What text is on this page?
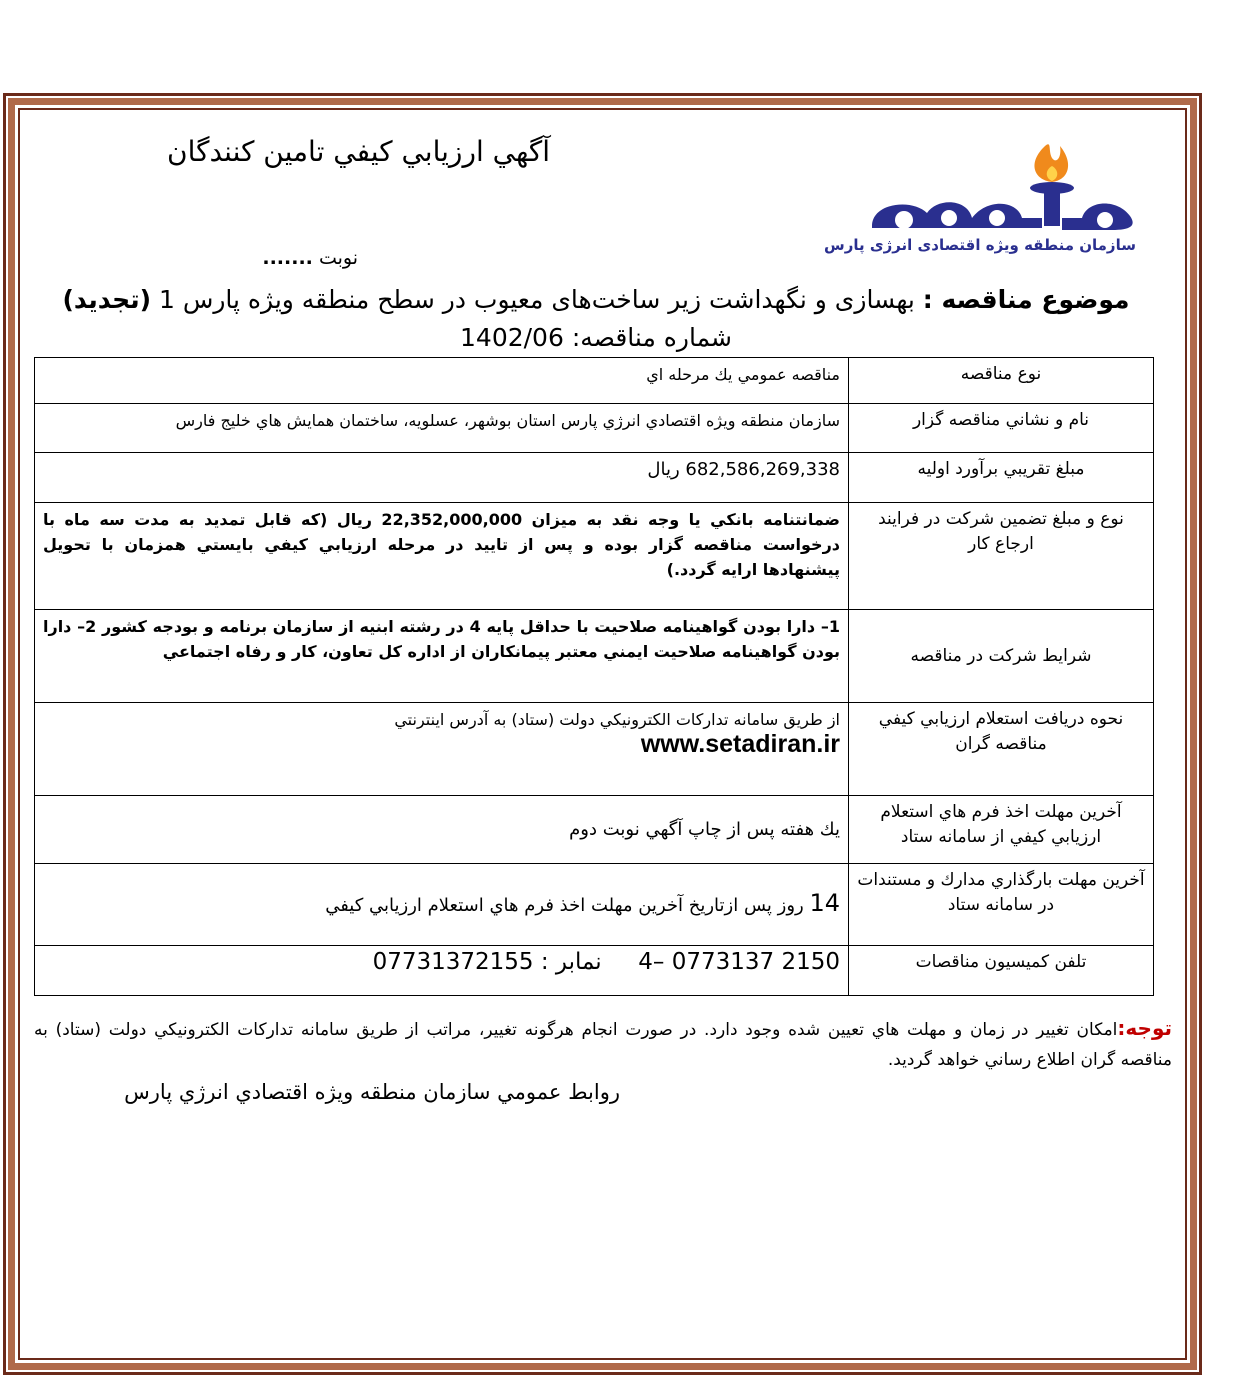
سازمان منطقه ویژه اقتصادی انرژی پارس
آگهي ارزيابي كيفي تامين كنندگان
نوبت .......
موضوع مناقصه : بهسازی و نگهداشت زیر ساخت‌های معیوب در سطح منطقه ویژه پارس 1 (تجدید) شماره مناقصه: 1402/06
نوع مناقصه	مناقصه عمومي يك مرحله اي
نام و نشاني مناقصه گزار	سازمان منطقه ويژه اقتصادي انرژي پارس استان بوشهر، عسلويه، ساختمان همايش هاي خليج فارس
مبلغ تقريبي برآورد اوليه	682,586,269,338 ريال
نوع و مبلغ تضمين شركت در فرايند ارجاع كار	ضمانتنامه بانكي يا وجه نقد به ميزان 22,352,000,000 ريال (كه قابل تمديد به مدت سه ماه با درخواست مناقصه گزار بوده و پس از تاييد در مرحله ارزيابي كيفي بايستي همزمان با تحويل پيشنهادها ارايه گردد.)
شرايط شركت در مناقصه	1– دارا بودن گواهينامه صلاحيت با حداقل پايه 4 در رشته ابنيه از سازمان برنامه و بودجه كشور 2– دارا بودن گواهينامه صلاحيت ايمني معتبر پيمانكاران از اداره كل تعاون، كار و رفاه اجتماعي
نحوه دريافت استعلام ارزيابي كيفي مناقصه گران	از طريق سامانه تداركات الكترونيكي دولت (ستاد) به آدرس اينترنتي
www.setadiran.ir

آخرين مهلت اخذ فرم هاي استعلام ارزيابي كيفي از سامانه ستاد	يك هفته پس از چاپ آگهي نوبت دوم
آخرين مهلت بارگذاري مدارك و مستندات در سامانه ستاد	14 روز پس ازتاريخ آخرين مهلت اخذ فرم هاي استعلام ارزيابي كيفي
تلفن كميسيون مناقصات	4– 0773137 2150     نمابر : 07731372155
توجه:امكان تغيير در زمان و مهلت هاي تعيين شده وجود دارد. در صورت انجام هرگونه تغيير، مراتب از طريق سامانه تداركات الكترونيكي دولت (ستاد) به مناقصه گران اطلاع رساني خواهد گرديد.
روابط عمومي سازمان منطقه ويژه اقتصادي انرژي پارس
